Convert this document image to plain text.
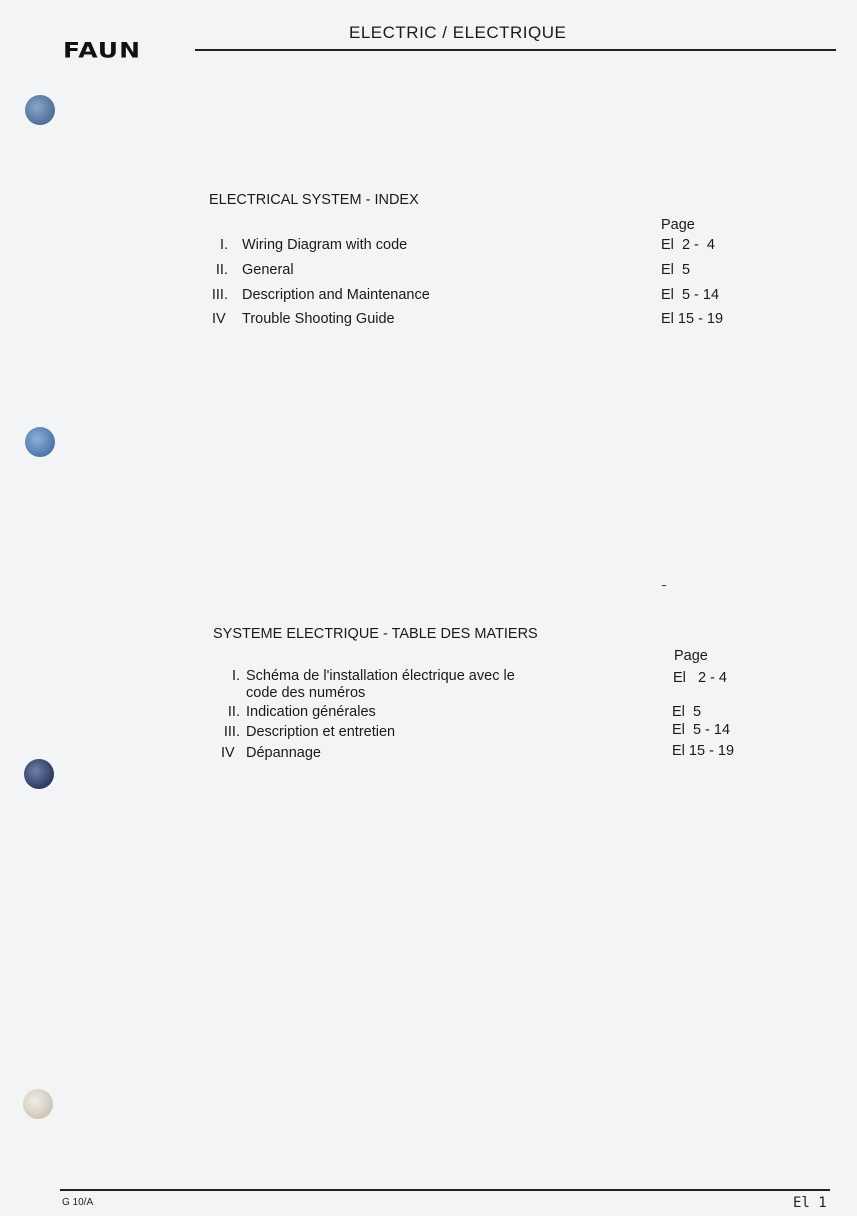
FAUN
ELECTRIC / ELECTRIQUE
ELECTRICAL SYSTEM - INDEX
Page
I. Wiring Diagram with code	El  2 -  4
II. General	El  5
III. Description and Maintenance	El  5 - 14
IV Trouble Shooting Guide	El 15 - 19
SYSTEME ELECTRIQUE - TABLE DES MATIERS
Page
I. Schéma de l'installation électrique avec le
code des numéros
El   2 - 4
II. Indication générales	El  5
III. Description et entretien	El  5 - 14
IV Dépannage	El 15 - 19
G 10/A	El 1
